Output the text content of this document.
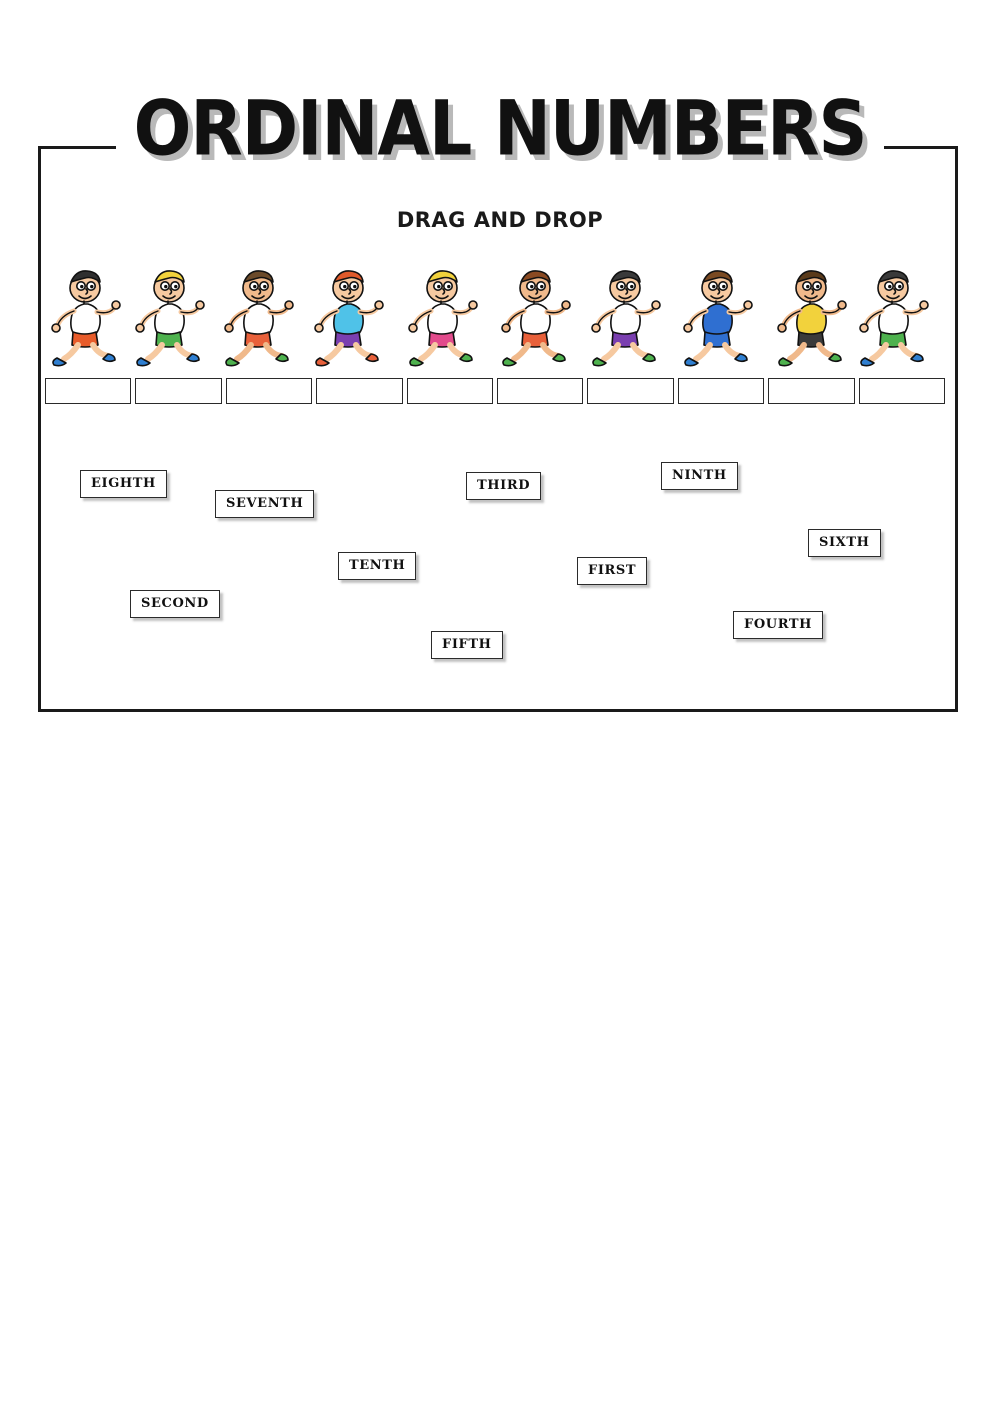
ORDINAL NUMBERS
DRAG AND DROP
EIGHTH
SEVENTH
THIRD
NINTH
SIXTH
TENTH	FIRST
SECOND
FOURTH
FIFTH
